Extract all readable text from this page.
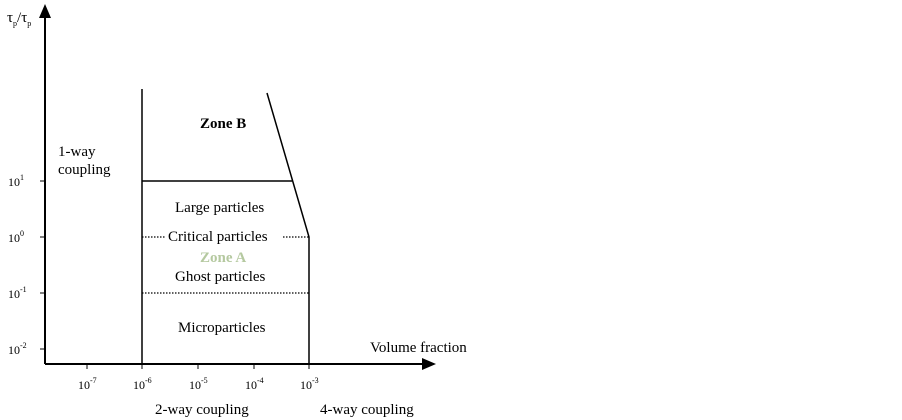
$\tau_p/\tau_p$
Volume fraction
$10^1$
$10^0$
$10^{-1}$
$10^{-2}$
$10^{-7}$	$10^{-6}$	$10^{-5}$	$10^{-4}$	$10^{-3}$
1-way
coupling
Zone B
Large particles
Critical particles
Zone A
Ghost particles
Microparticles
2-way coupling	4-way coupling
